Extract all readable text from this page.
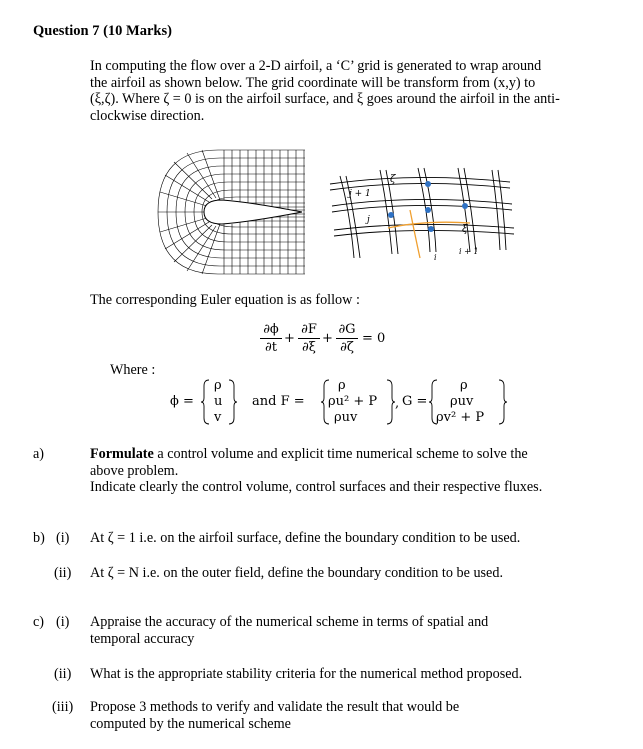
Question 7 (10 Marks)
In computing the flow over a 2-D airfoil, a ‘C’ grid is generated to wrap around the airfoil as shown below. The grid coordinate will be transform from (x,y) to (ξ,ζ). Where ζ = 0 is on the airfoil surface, and ξ goes around the airfoil in the anti-clockwise direction.
ζ
j + 1
j
ξ
i
i + 1
The corresponding Euler equation is as follow :
∂ϕ
∂t
+
∂F
∂ξ
+
∂G
∂ζ
= 0
Where :
ϕ =
ρ
u
v
and F =
ρ
ρu² + P
ρuv
, G =
ρ
ρuv
ρv² + P
a)	Formulate a control volume and explicit time numerical scheme to solve the above problem.
Indicate clearly the control volume, control surfaces and their respective fluxes.
b) (i) At ζ = 1 i.e. on the airfoil surface, define the boundary condition to be used.
(ii) At ζ = N i.e. on the outer field, define the boundary condition to be used.
c) (i) Appraise the accuracy of the numerical scheme in terms of spatial and temporal accuracy
(ii) What is the appropriate stability criteria for the numerical method proposed.
(iii) Propose 3 methods to verify and validate the result that would be computed by the numerical scheme
